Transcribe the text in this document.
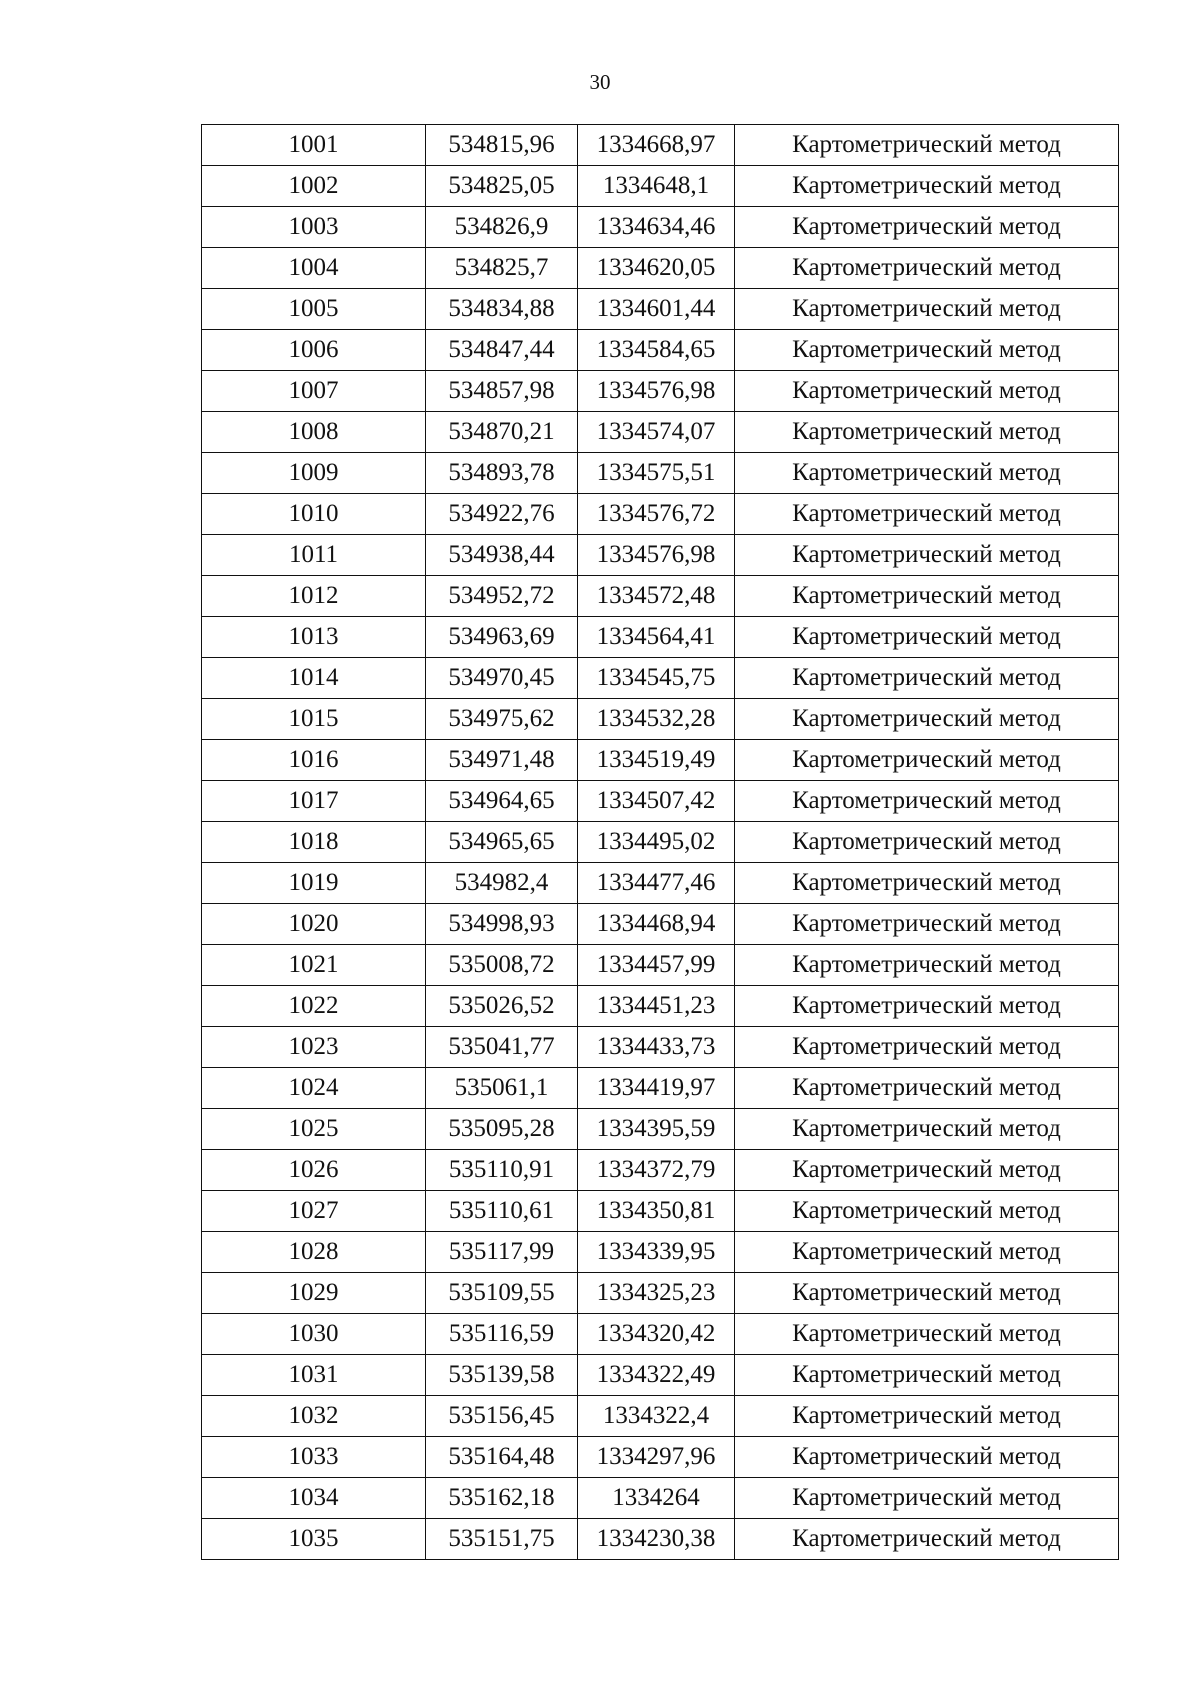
30
1001	534815,96	1334668,97	Картометрический метод
1002	534825,05	1334648,1	Картометрический метод
1003	534826,9	1334634,46	Картометрический метод
1004	534825,7	1334620,05	Картометрический метод
1005	534834,88	1334601,44	Картометрический метод
1006	534847,44	1334584,65	Картометрический метод
1007	534857,98	1334576,98	Картометрический метод
1008	534870,21	1334574,07	Картометрический метод
1009	534893,78	1334575,51	Картометрический метод
1010	534922,76	1334576,72	Картометрический метод
1011	534938,44	1334576,98	Картометрический метод
1012	534952,72	1334572,48	Картометрический метод
1013	534963,69	1334564,41	Картометрический метод
1014	534970,45	1334545,75	Картометрический метод
1015	534975,62	1334532,28	Картометрический метод
1016	534971,48	1334519,49	Картометрический метод
1017	534964,65	1334507,42	Картометрический метод
1018	534965,65	1334495,02	Картометрический метод
1019	534982,4	1334477,46	Картометрический метод
1020	534998,93	1334468,94	Картометрический метод
1021	535008,72	1334457,99	Картометрический метод
1022	535026,52	1334451,23	Картометрический метод
1023	535041,77	1334433,73	Картометрический метод
1024	535061,1	1334419,97	Картометрический метод
1025	535095,28	1334395,59	Картометрический метод
1026	535110,91	1334372,79	Картометрический метод
1027	535110,61	1334350,81	Картометрический метод
1028	535117,99	1334339,95	Картометрический метод
1029	535109,55	1334325,23	Картометрический метод
1030	535116,59	1334320,42	Картометрический метод
1031	535139,58	1334322,49	Картометрический метод
1032	535156,45	1334322,4	Картометрический метод
1033	535164,48	1334297,96	Картометрический метод
1034	535162,18	1334264	Картометрический метод
1035	535151,75	1334230,38	Картометрический метод
